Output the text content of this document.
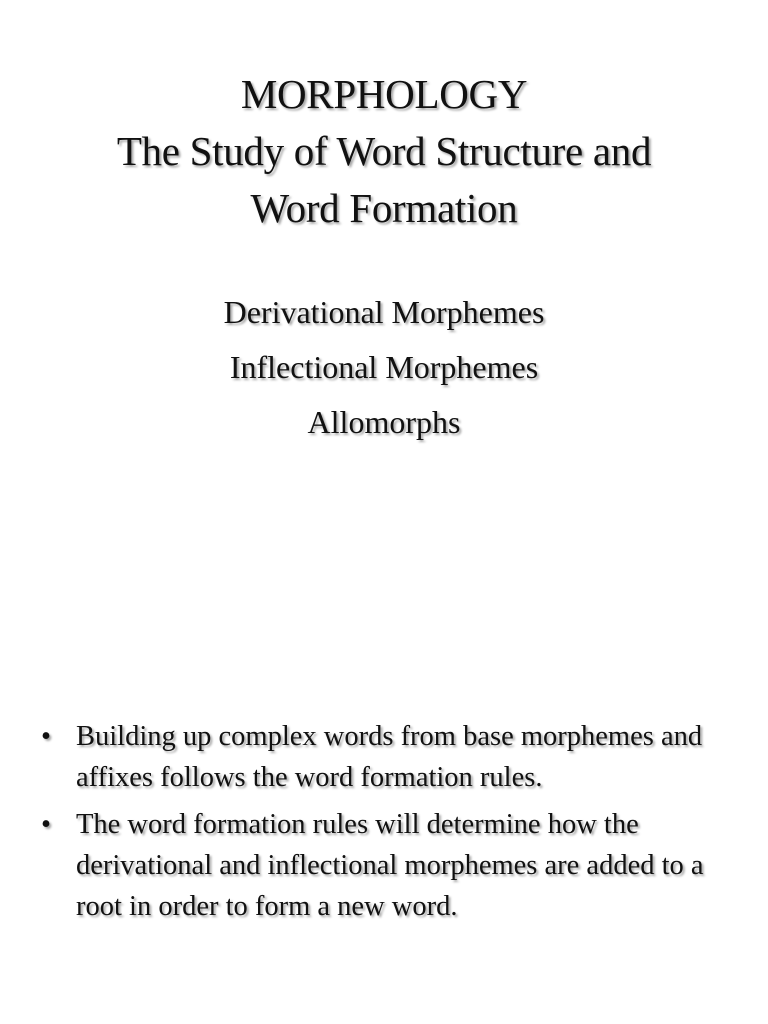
MORPHOLOGY
The Study of Word Structure and
Word Formation
Derivational Morphemes
Inflectional Morphemes
Allomorphs
• Building up complex words from base morphemes and affixes follows the word formation rules.
• The word formation rules will determine how the derivational and inflectional morphemes are added to a root in order to form a new word.
